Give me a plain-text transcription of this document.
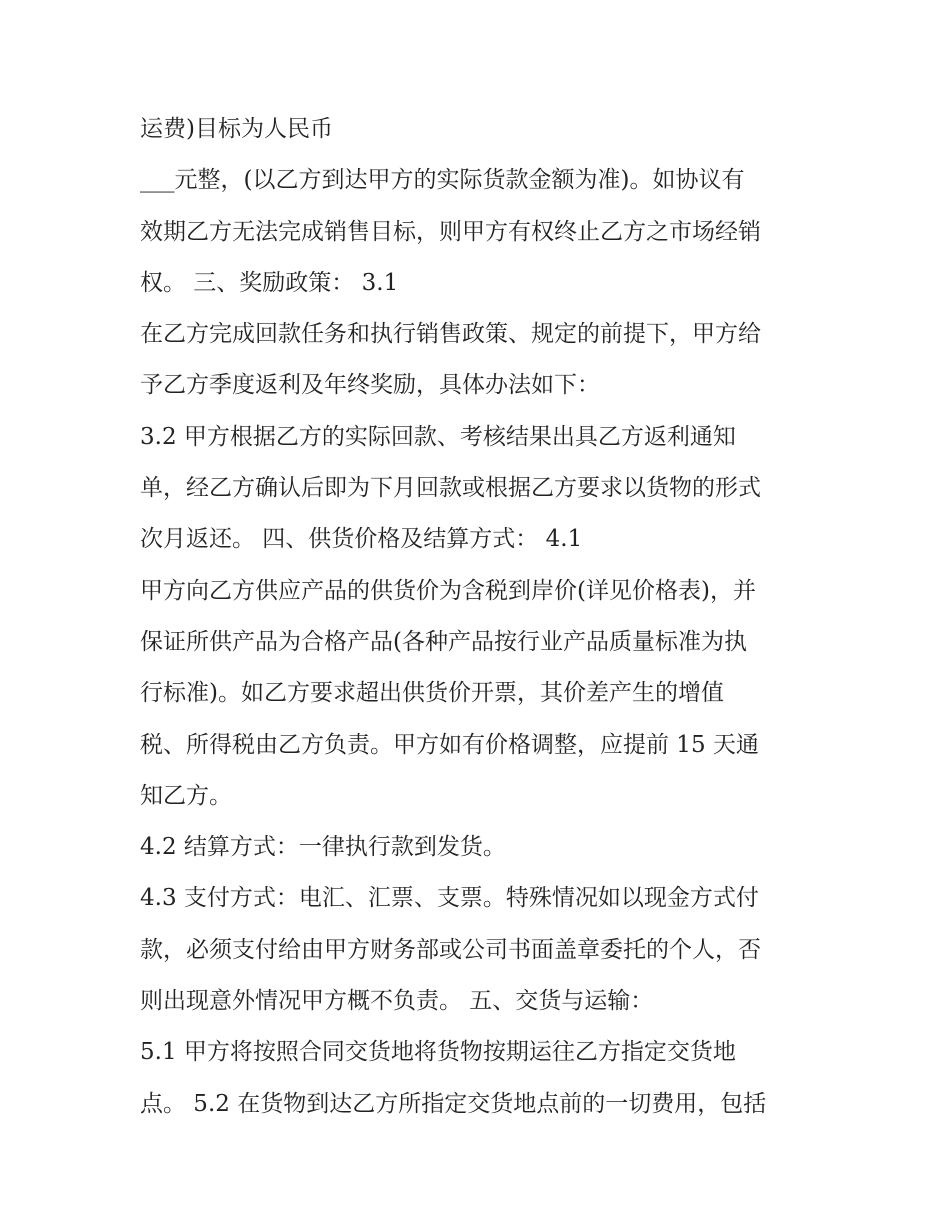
运费)目标为人民币
___元整，(以乙方到达甲方的实际货款金额为准)。如协议有
效期乙方无法完成销售目标，则甲方有权终止乙方之市场经销
权。 三、奖励政策： 3.1
在乙方完成回款任务和执行销售政策、规定的前提下，甲方给
予乙方季度返利及年终奖励，具体办法如下：
3.2 甲方根据乙方的实际回款、考核结果出具乙方返利通知
单，经乙方确认后即为下月回款或根据乙方要求以货物的形式
次月返还。 四、供货价格及结算方式： 4.1
甲方向乙方供应产品的供货价为含税到岸价(详见价格表)，并
保证所供产品为合格产品(各种产品按行业产品质量标准为执
行标准)。如乙方要求超出供货价开票，其价差产生的增值
税、所得税由乙方负责。甲方如有价格调整，应提前 15 天通
知乙方。
4.2 结算方式：一律执行款到发货。
4.3 支付方式：电汇、汇票、支票。特殊情况如以现金方式付
款，必须支付给由甲方财务部或公司书面盖章委托的个人，否
则出现意外情况甲方概不负责。 五、交货与运输：
5.1 甲方将按照合同交货地将货物按期运往乙方指定交货地
点。 5.2 在货物到达乙方所指定交货地点前的一切费用，包括
